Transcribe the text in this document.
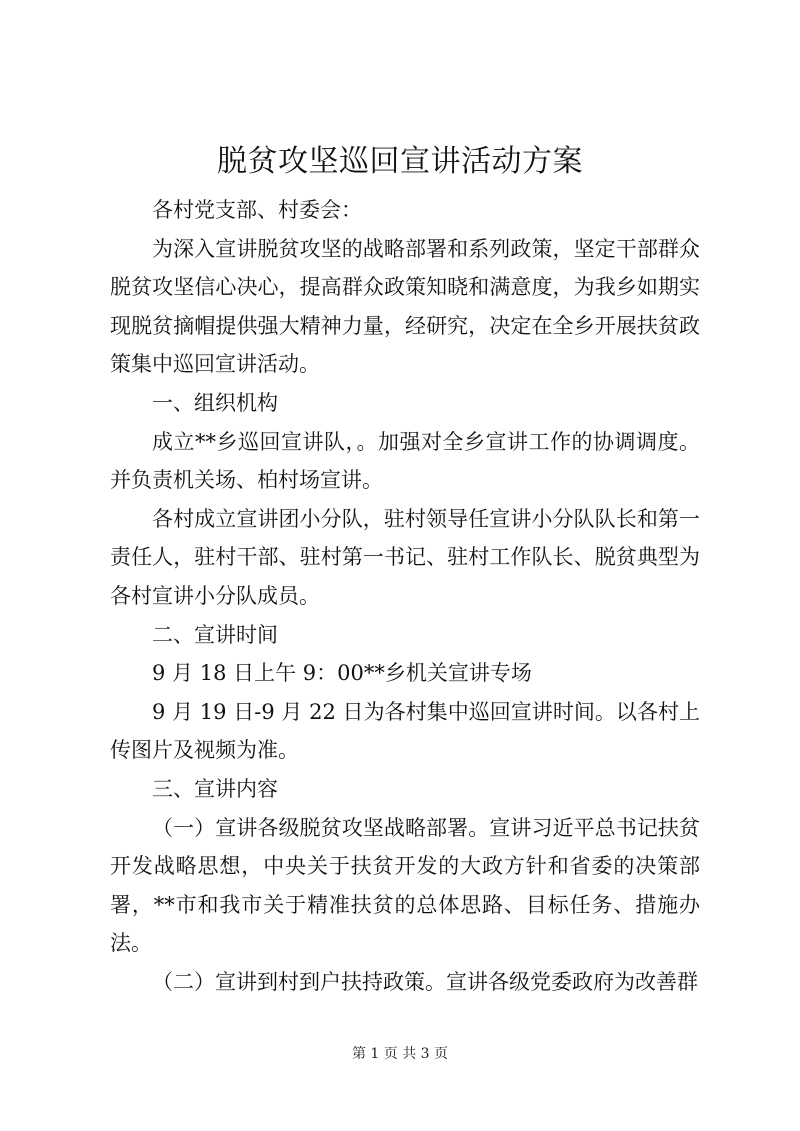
脱贫攻坚巡回宣讲活动方案

各村党支部、村委会：

为深入宣讲脱贫攻坚的战略部署和系列政策，坚定干部群众脱贫攻坚信心决心，提高群众政策知晓和满意度，为我乡如期实现脱贫摘帽提供强大精神力量，经研究，决定在全乡开展扶贫政策集中巡回宣讲活动。

一、组织机构

成立**乡巡回宣讲队，。加强对全乡宣讲工作的协调调度。并负责机关场、柏村场宣讲。

各村成立宣讲团小分队，驻村领导任宣讲小分队队长和第一责任人，驻村干部、驻村第一书记、驻村工作队长、脱贫典型为各村宣讲小分队成员。

二、宣讲时间

9 月 18 日上午 9：00**乡机关宣讲专场

9 月 19 日-9 月 22 日为各村集中巡回宣讲时间。以各村上传图片及视频为准。

三、宣讲内容

（一）宣讲各级脱贫攻坚战略部署。宣讲习近平总书记扶贫开发战略思想，中央关于扶贫开发的大政方针和省委的决策部署，**市和我市关于精准扶贫的总体思路、目标任务、措施办法。

（二）宣讲到村到户扶持政策。宣讲各级党委政府为改善群

第 1 页 共 3 页
